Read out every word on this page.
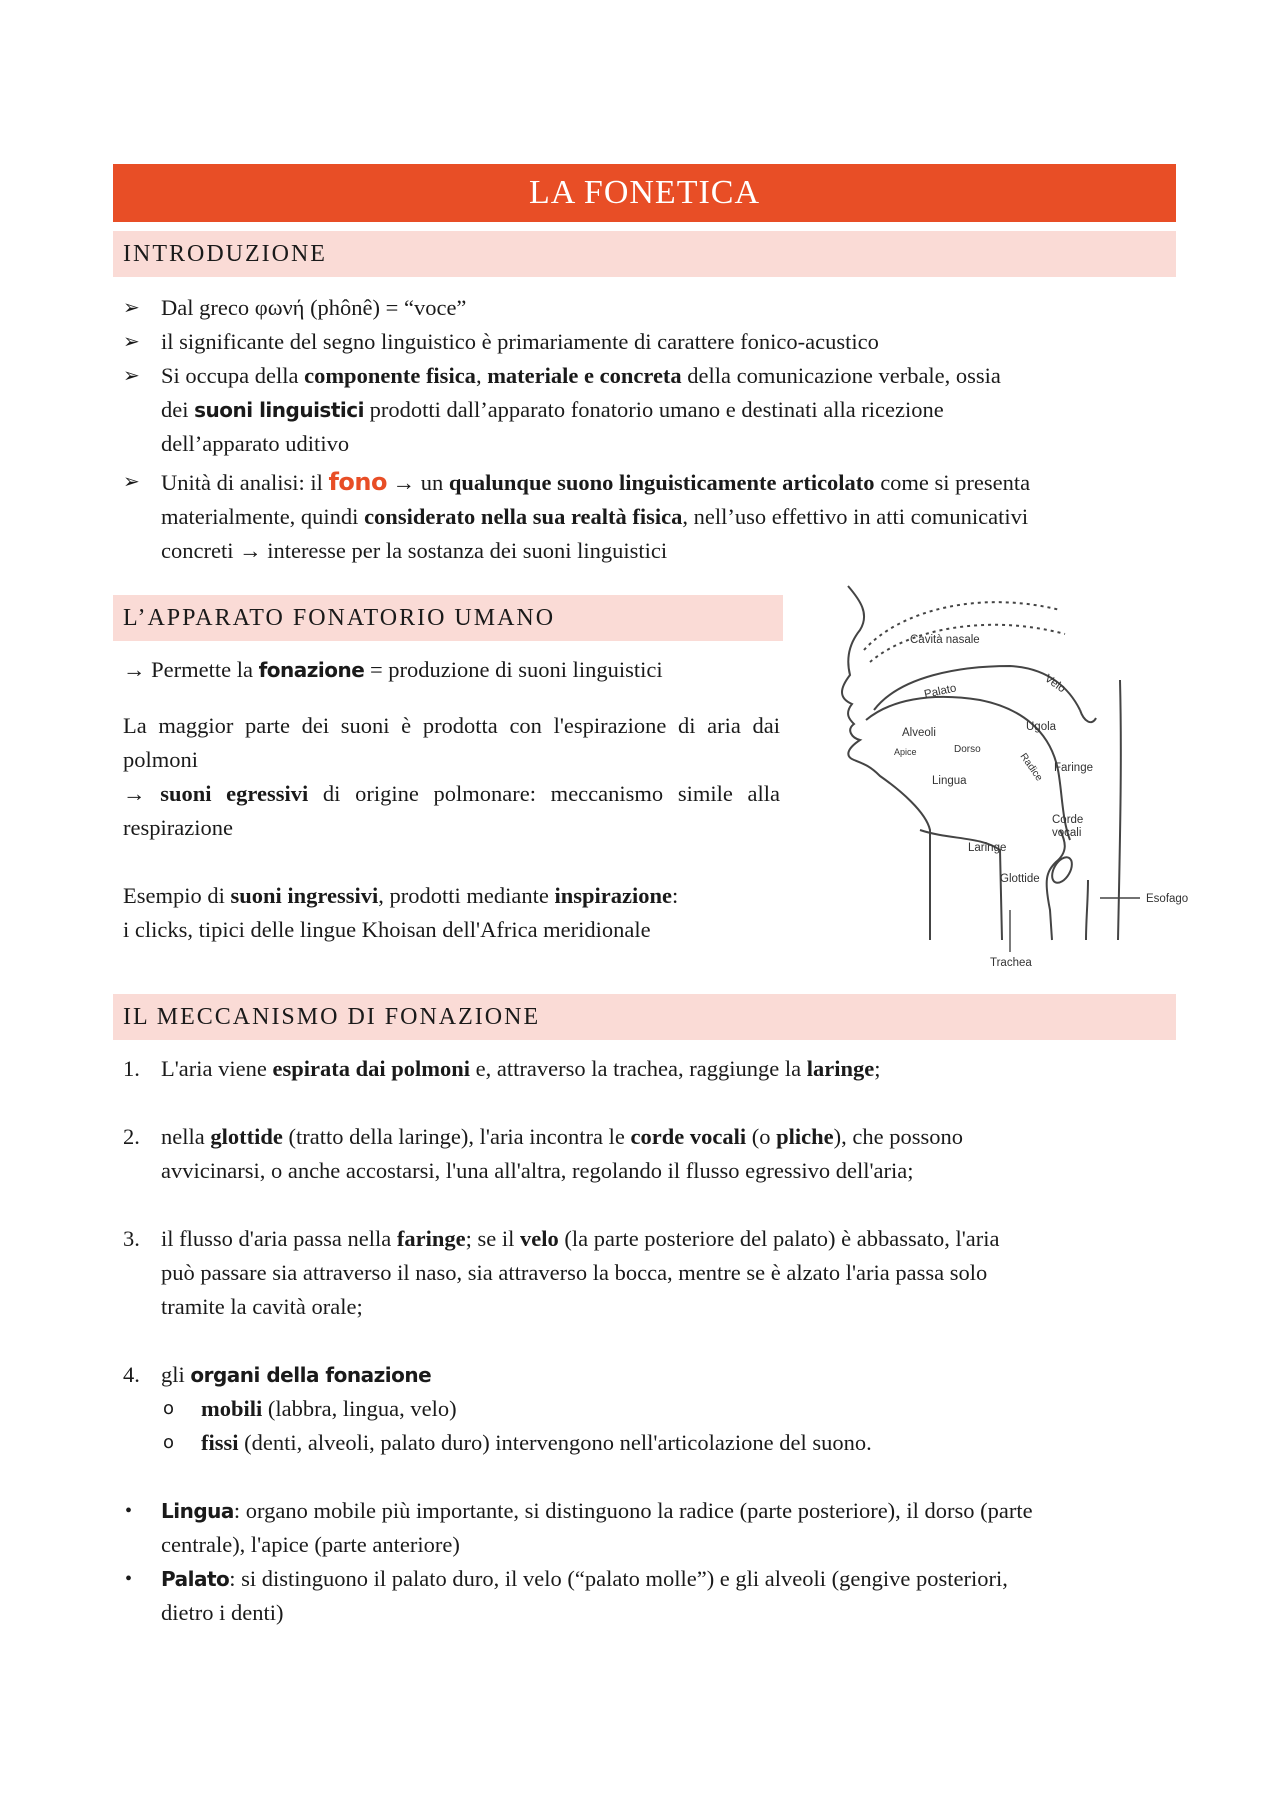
LA FONETICA
INTRODUZIONE
➢ Dal greco φωνή (phônê) = “voce”
➢ il significante del segno linguistico è primariamente di carattere fonico-acustico
➢ Si occupa della componente fisica, materiale e concreta della comunicazione verbale, ossia
dei suoni linguistici prodotti dall’apparato fonatorio umano e destinati alla ricezione
dell’apparato uditivo
➢ Unità di analisi: il fono → un qualunque suono linguisticamente articolato come si presenta
materialmente, quindi considerato nella sua realtà fisica, nell’uso effettivo in atti comunicativi
concreti → interesse per la sostanza dei suoni linguistici
L’APPARATO FONATORIO UMANO
→ Permette la fonazione = produzione di suoni linguistici
La maggior parte dei suoni è prodotta con l'espirazione di aria dai polmoni
→ suoni egressivi di origine polmonare: meccanismo simile alla respirazione
Esempio di suoni ingressivi, prodotti mediante inspirazione:
i clicks, tipici delle lingue Khoisan dell'Africa meridionale
Cavità nasale
Palato	Velo
Ugola
Alveoli
Apice	Dorso
Radice Faringe
Lingua
Corde
vocali
Laringe
Glottide
Esofago
Trachea
IL MECCANISMO DI FONAZIONE
1. L'aria viene espirata dai polmoni e, attraverso la trachea, raggiunge la laringe;
2. nella glottide (tratto della laringe), l'aria incontra le corde vocali (o pliche), che possono
avvicinarsi, o anche accostarsi, l'una all'altra, regolando il flusso egressivo dell'aria;
3. il flusso d'aria passa nella faringe; se il velo (la parte posteriore del palato) è abbassato, l'aria
può passare sia attraverso il naso, sia attraverso la bocca, mentre se è alzato l'aria passa solo
tramite la cavità orale;
4. gli organi della fonazione
o mobili (labbra, lingua, velo)
o fissi (denti, alveoli, palato duro) intervengono nell'articolazione del suono.
• Lingua: organo mobile più importante, si distinguono la radice (parte posteriore), il dorso (parte
centrale), l'apice (parte anteriore)
• Palato: si distinguono il palato duro, il velo (“palato molle”) e gli alveoli (gengive posteriori,
dietro i denti)
